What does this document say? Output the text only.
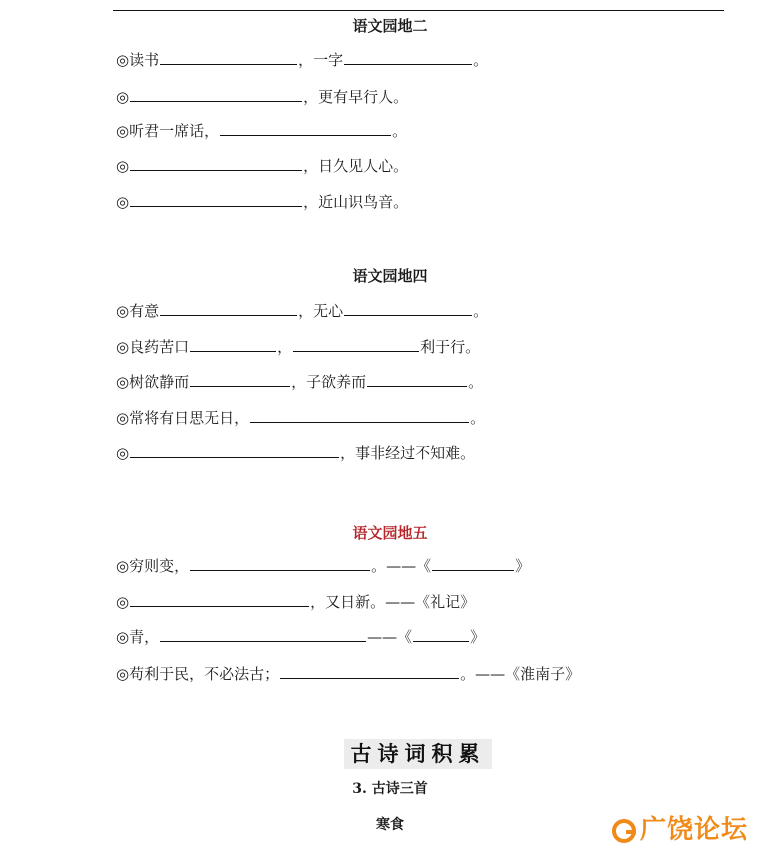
语文园地二
◎读书	，一字	。
◎	，更有早行人。
◎听君一席话，	。
◎	，日久见人心。
◎	，近山识鸟音。
语文园地四
◎有意	，无心	。
◎良药苦口	，	利于行。
◎树欲静而	，子欲养而	。
◎常将有日思无日，	。
◎	，事非经过不知难。
语文园地五
◎穷则变，	。——《	》
◎	，又日新。——《礼记》
◎青，	——《	》
◎苟利于民，不必法古；	。——《淮南子》
古诗词积累
3. 古诗三首
寒食	广饶论坛
